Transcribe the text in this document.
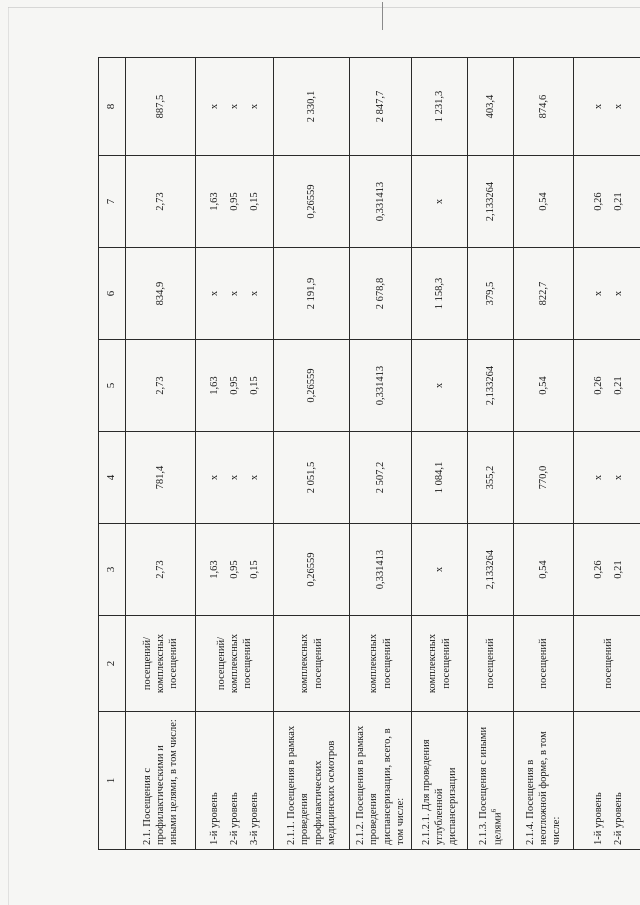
1	2	3	4	5	6	7	8
2.1. Посещения с профилактическими и иными целями, в том числе:	посещений/комплексных посещений	2,73	781,4	2,73	834,9	2,73	887,5

1-й уровень 2-й уровень 3-й уровень	посещений/комплексных посещений	1,63 0,95 0,15	х х х	1,63 0,95 0,15	х х х	1,63 0,95 0,15	х х х

2.1.1. Посещения в рамках проведения профилактических медицинских осмотров	комплексных посещений	0,26559	2 051,5	0,26559	2 191,9	0,26559	2 330,1
2.1.2. Посещения в рамках проведения диспансеризации, всего, в том числе:	комплексных посещений	0,331413	2 507,2	0,331413	2 678,8	0,331413	2 847,7
2.1.2.1. Для проведения углубленной диспансеризации	комплексных посещений	х	1 084,1	х	1 158,3	х	1 231,3
2.1.3. Посещения с иными целями$^6$	посещений	2,133264	355,2	2,133264	379,5	2,133264	403,4
2.1.4. Посещения в неотложной форме, в том числе:	посещений	0,54	770,0	0,54	822,7	0,54	874,6

1-й уровень 2-й уровень	посещений	0,26 0,21	х х	0,26 0,21	х х	0,26 0,21	х х
